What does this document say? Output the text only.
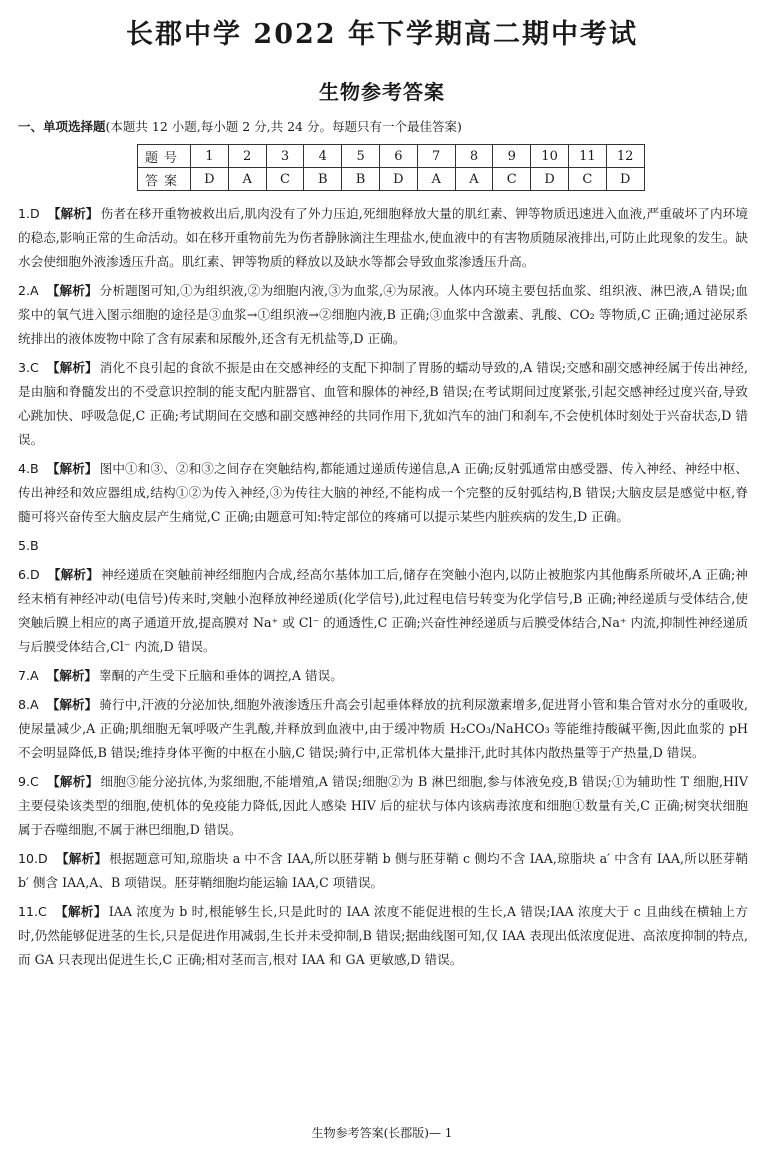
长郡中学 2022 年下学期高二期中考试
生物参考答案
一、单项选择题(本题共 12 小题,每小题 2 分,共 24 分。每题只有一个最佳答案)
题号	1	2	3	4	5	6	7	8	9	10	11	12
答案	D	A	C	B	B	D	A	A	C	D	C	D
1.D 【解析】 伤者在移开重物被救出后,肌肉没有了外力压迫,死细胞释放大量的肌红素、钾等物质迅速进入血液,严重破坏了内环境的稳态,影响正常的生命活动。如在移开重物前先为伤者静脉滴注生理盐水,使血液中的有害物质随尿液排出,可防止此现象的发生。缺水会使细胞外液渗透压升高。肌红素、钾等物质的释放以及缺水等都会导致血浆渗透压升高。
2.A 【解析】 分析题图可知,①为组织液,②为细胞内液,③为血浆,④为尿液。人体内环境主要包括血浆、组织液、淋巴液,A 错误;血浆中的氧气进入图示细胞的途径是③血浆→①组织液→②细胞内液,B 正确;③血浆中含激素、乳酸、CO₂ 等物质,C 正确;通过泌尿系统排出的液体废物中除了含有尿素和尿酸外,还含有无机盐等,D 正确。
3.C 【解析】 消化不良引起的食欲不振是由在交感神经的支配下抑制了胃肠的蠕动导致的,A 错误;交感和副交感神经属于传出神经,是由脑和脊髓发出的不受意识控制的能支配内脏器官、血管和腺体的神经,B 错误;在考试期间过度紧张,引起交感神经过度兴奋,导致心跳加快、呼吸急促,C 正确;考试期间在交感和副交感神经的共同作用下,犹如汽车的油门和刹车,不会使机体时刻处于兴奋状态,D 错误。
4.B 【解析】 图中①和③、②和③之间存在突触结构,都能通过递质传递信息,A 正确;反射弧通常由感受器、传入神经、神经中枢、传出神经和效应器组成,结构①②为传入神经,③为传往大脑的神经,不能构成一个完整的反射弧结构,B 错误;大脑皮层是感觉中枢,脊髓可将兴奋传至大脑皮层产生痛觉,C 正确;由题意可知:特定部位的疼痛可以提示某些内脏疾病的发生,D 正确。
5.B
6.D 【解析】 神经递质在突触前神经细胞内合成,经高尔基体加工后,储存在突触小泡内,以防止被胞浆内其他酶系所破坏,A 正确;神经末梢有神经冲动(电信号)传来时,突触小泡释放神经递质(化学信号),此过程电信号转变为化学信号,B 正确;神经递质与受体结合,使突触后膜上相应的离子通道开放,提高膜对 Na⁺ 或 Cl⁻ 的通透性,C 正确;兴奋性神经递质与后膜受体结合,Na⁺ 内流,抑制性神经递质与后膜受体结合,Cl⁻ 内流,D 错误。
7.A 【解析】 睾酮的产生受下丘脑和垂体的调控,A 错误。
8.A 【解析】 骑行中,汗液的分泌加快,细胞外液渗透压升高会引起垂体释放的抗利尿激素增多,促进肾小管和集合管对水分的重吸收,使尿量减少,A 正确;肌细胞无氧呼吸产生乳酸,并释放到血液中,由于缓冲物质 H₂CO₃/NaHCO₃ 等能维持酸碱平衡,因此血浆的 pH 不会明显降低,B 错误;维持身体平衡的中枢在小脑,C 错误;骑行中,正常机体大量排汗,此时其体内散热量等于产热量,D 错误。
9.C 【解析】 细胞③能分泌抗体,为浆细胞,不能增殖,A 错误;细胞②为 B 淋巴细胞,参与体液免疫,B 错误;①为辅助性 T 细胞,HIV 主要侵染该类型的细胞,使机体的免疫能力降低,因此人感染 HIV 后的症状与体内该病毒浓度和细胞①数量有关,C 正确;树突状细胞属于吞噬细胞,不属于淋巴细胞,D 错误。
10.D 【解析】 根据题意可知,琼脂块 a 中不含 IAA,所以胚芽鞘 b 侧与胚芽鞘 c 侧均不含 IAA,琼脂块 a′ 中含有 IAA,所以胚芽鞘 b′ 侧含 IAA,A、B 项错误。胚芽鞘细胞均能运输 IAA,C 项错误。
11.C 【解析】 IAA 浓度为 b 时,根能够生长,只是此时的 IAA 浓度不能促进根的生长,A 错误;IAA 浓度大于 c 且曲线在横轴上方时,仍然能够促进茎的生长,只是促进作用减弱,生长并未受抑制,B 错误;据曲线图可知,仅 IAA 表现出低浓度促进、高浓度抑制的特点,而 GA 只表现出促进生长,C 正确;相对茎而言,根对 IAA 和 GA 更敏感,D 错误。
生物参考答案(长郡版)— 1
